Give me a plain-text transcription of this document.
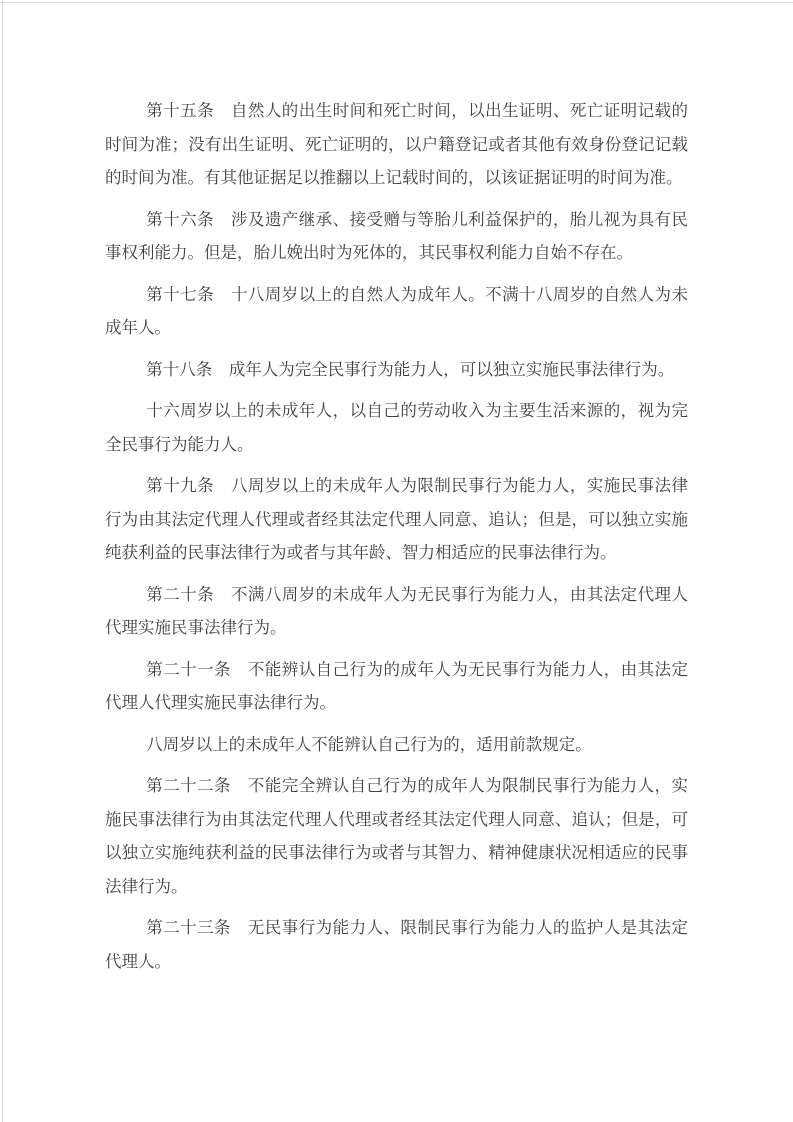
第十五条　自然人的出生时间和死亡时间，以出生证明、死亡证明记载的时间为准；没有出生证明、死亡证明的，以户籍登记或者其他有效身份登记记载的时间为准。有其他证据足以推翻以上记载时间的，以该证据证明的时间为准。

第十六条　涉及遗产继承、接受赠与等胎儿利益保护的，胎儿视为具有民事权利能力。但是，胎儿娩出时为死体的，其民事权利能力自始不存在。

第十七条　十八周岁以上的自然人为成年人。不满十八周岁的自然人为未成年人。

第十八条　成年人为完全民事行为能力人，可以独立实施民事法律行为。

十六周岁以上的未成年人，以自己的劳动收入为主要生活来源的，视为完全民事行为能力人。

第十九条　八周岁以上的未成年人为限制民事行为能力人，实施民事法律行为由其法定代理人代理或者经其法定代理人同意、追认；但是，可以独立实施纯获利益的民事法律行为或者与其年龄、智力相适应的民事法律行为。

第二十条　不满八周岁的未成年人为无民事行为能力人，由其法定代理人代理实施民事法律行为。

第二十一条　不能辨认自己行为的成年人为无民事行为能力人，由其法定代理人代理实施民事法律行为。

八周岁以上的未成年人不能辨认自己行为的，适用前款规定。

第二十二条　不能完全辨认自己行为的成年人为限制民事行为能力人，实施民事法律行为由其法定代理人代理或者经其法定代理人同意、追认；但是，可以独立实施纯获利益的民事法律行为或者与其智力、精神健康状况相适应的民事法律行为。

第二十三条　无民事行为能力人、限制民事行为能力人的监护人是其法定代理人。
